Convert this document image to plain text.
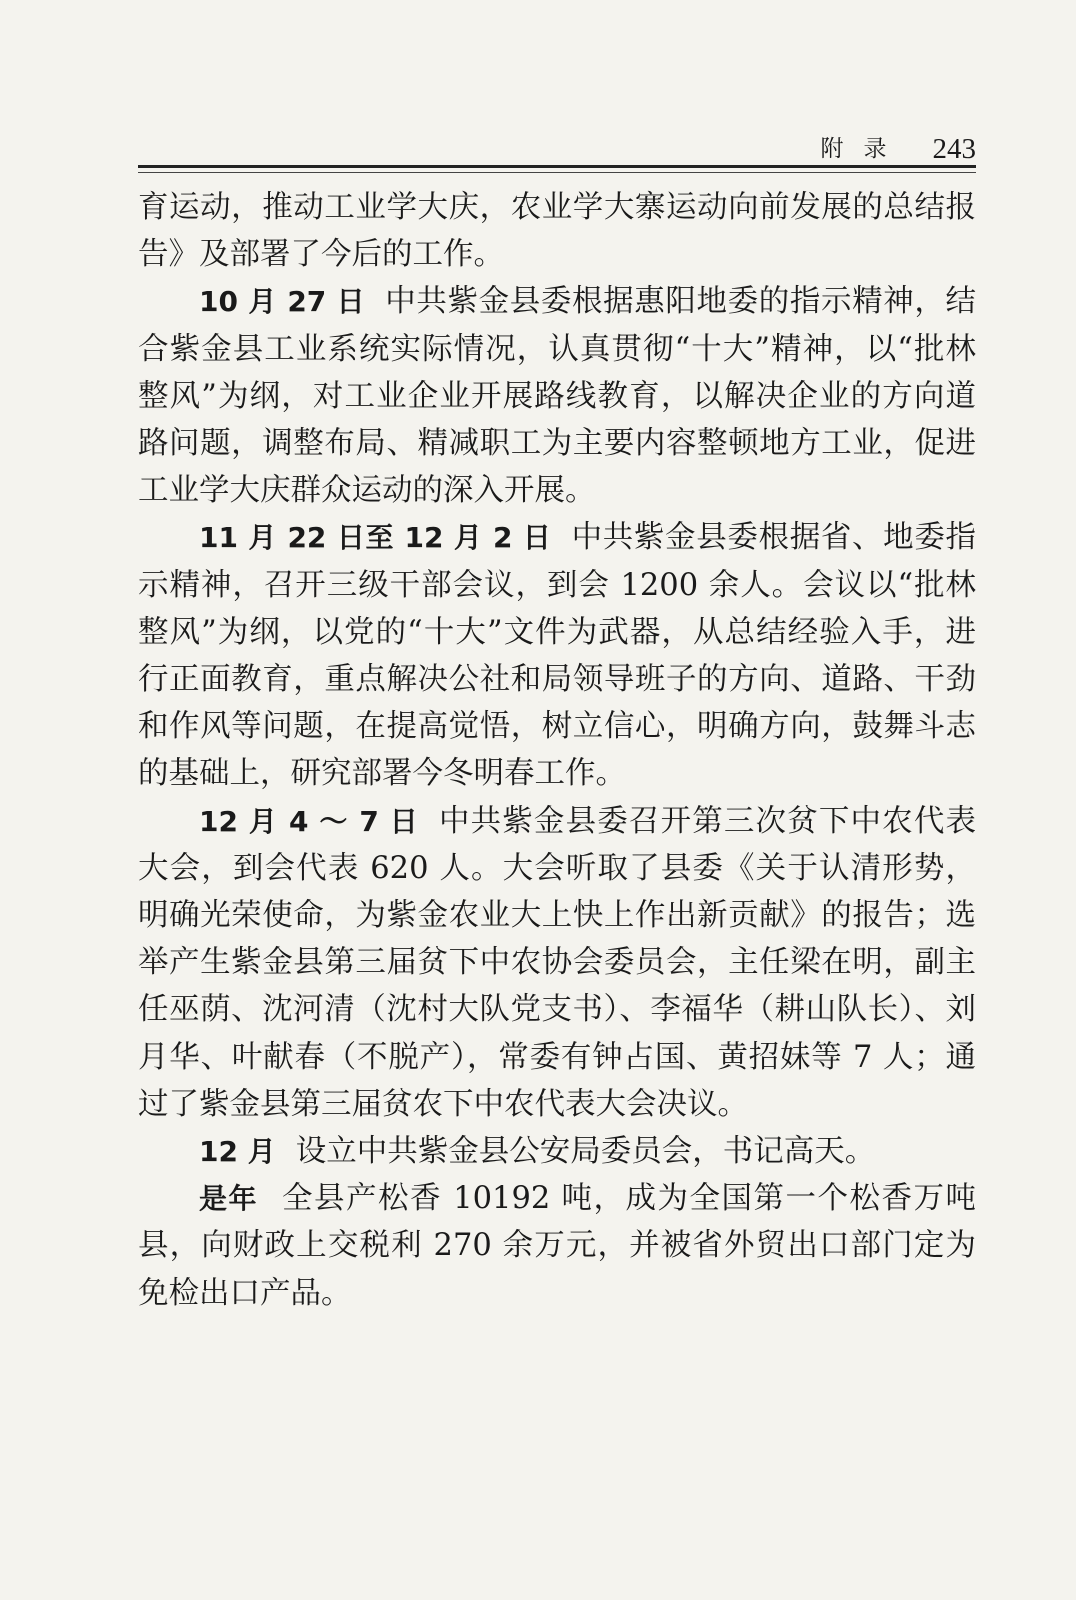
附录 243

育运动，推动工业学大庆，农业学大寨运动向前发展的总结报告》及部署了今后的工作。

10 月 27 日 中共紫金县委根据惠阳地委的指示精神，结合紫金县工业系统实际情况，认真贯彻“十大”精神，以“批林整风”为纲，对工业企业开展路线教育，以解决企业的方向道路问题，调整布局、精减职工为主要内容整顿地方工业，促进工业学大庆群众运动的深入开展。

11 月 22 日至 12 月 2 日 中共紫金县委根据省、地委指示精神，召开三级干部会议，到会 1200 余人。会议以“批林整风”为纲，以党的“十大”文件为武器，从总结经验入手，进行正面教育，重点解决公社和局领导班子的方向、道路、干劲和作风等问题，在提高觉悟，树立信心，明确方向，鼓舞斗志的基础上，研究部署今冬明春工作。

12 月 4 ～ 7 日 中共紫金县委召开第三次贫下中农代表大会，到会代表 620 人。大会听取了县委《关于认清形势，明确光荣使命，为紫金农业大上快上作出新贡献》的报告；选举产生紫金县第三届贫下中农协会委员会，主任梁在明，副主任巫荫、沈河清（沈村大队党支书）、李福华（耕山队长）、刘月华、叶献春（不脱产），常委有钟占国、黄招妹等 7 人；通过了紫金县第三届贫农下中农代表大会决议。

12 月 设立中共紫金县公安局委员会，书记高天。

是年 全县产松香 10192 吨，成为全国第一个松香万吨县，向财政上交税利 270 余万元，并被省外贸出口部门定为免检出口产品。
